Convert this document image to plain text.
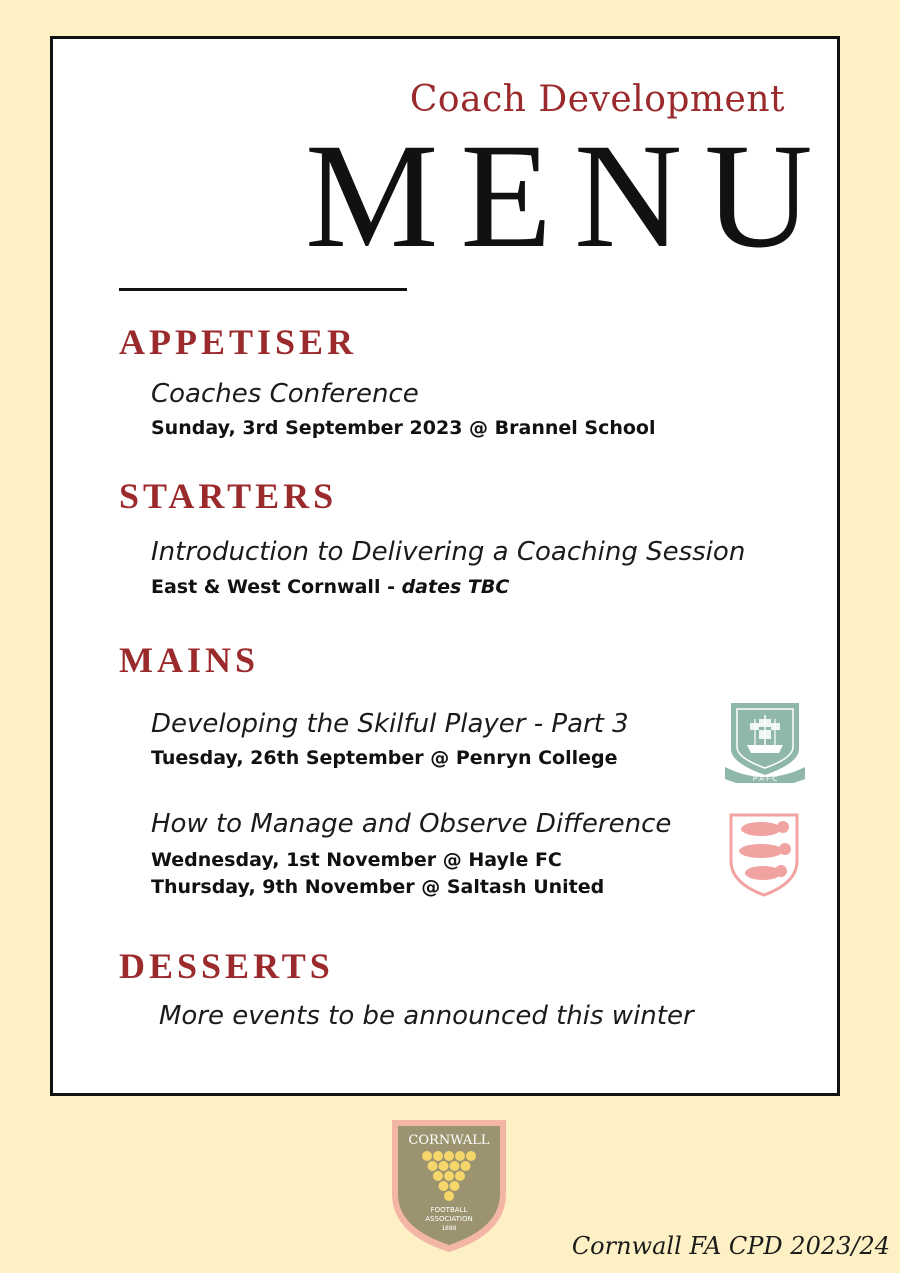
Coach Development
MENU
APPETISER

Coaches Conference

Sunday, 3rd September 2023 @ Brannel School

STARTERS

Introduction to Delivering a Coaching Session

East & West Cornwall - dates TBC

MAINS

Developing the Skilful Player - Part 3

Tuesday, 26th September @ Penryn College

How to Manage and Observe Difference

Wednesday, 1st November @ Hayle FC

Thursday, 9th November @ Saltash United

DESSERTS

More events to be announced this winter

P·A·F·C
CORNWALL
FOOTBALL
ASSOCIATION
1889
Cornwall FA CPD 2023/24
